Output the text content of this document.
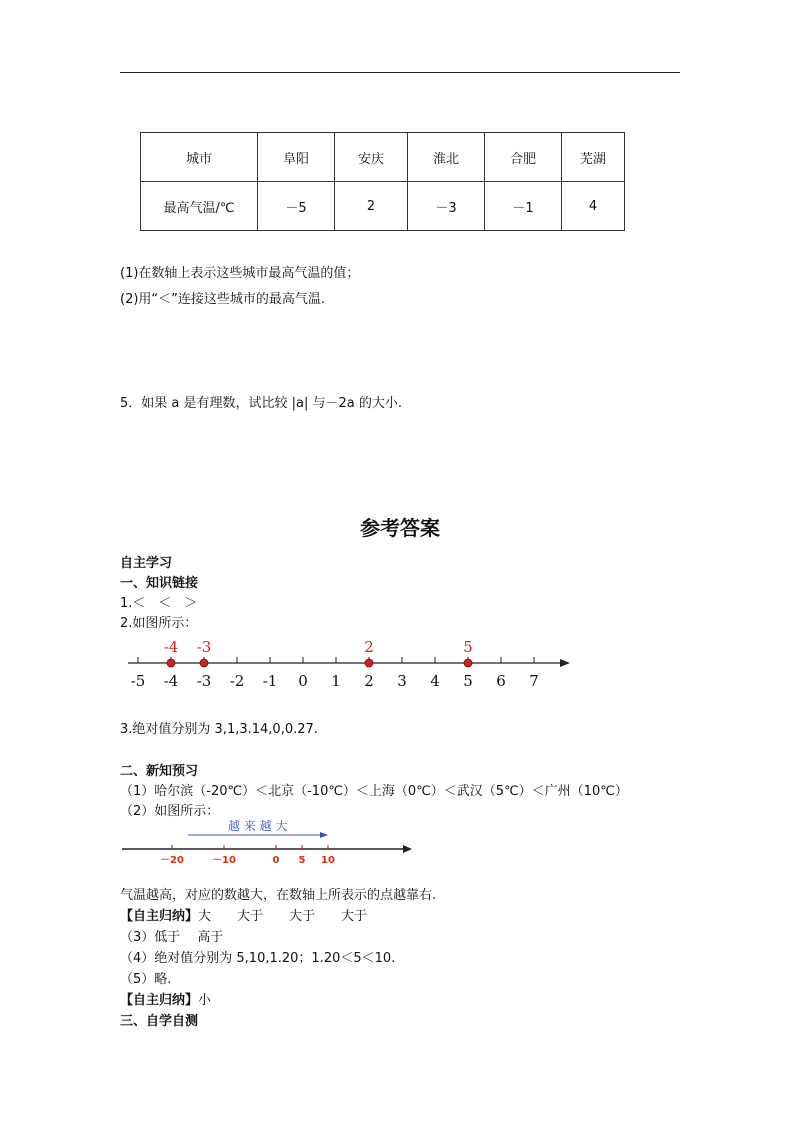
城市	阜阳	安庆	淮北	合肥	芜湖
最高气温/℃	－5	2	－3	－1	4
(1)在数轴上表示这些城市最高气温的值；
(2)用“＜”连接这些城市的最高气温.
5．如果 a 是有理数，试比较 |a| 与－2a 的大小.
参考答案
自主学习
一、知识链接
1.＜　＜　＞
2.如图所示：
-5 -4 -3 -2 -1 0 1 2 3 4 5 6 7
-4 -3	2	5
越 来 越 大
－20	－10	0 5 10
3.绝对值分别为 3,1,3.14,0,0.27.
二、新知预习
（1）哈尔滨（-20℃）＜北京（-10℃）＜上海（0℃）＜武汉（5℃）＜广州（10℃）
（2）如图所示：
气温越高，对应的数越大，在数轴上所表示的点越靠右.
【自主归纳】大　　大于　　大于　　大于
（3）低于　 高于
（4）绝对值分别为 5,10,1.20；1.20＜5＜10.
（5）略.
【自主归纳】小
三、自学自测
